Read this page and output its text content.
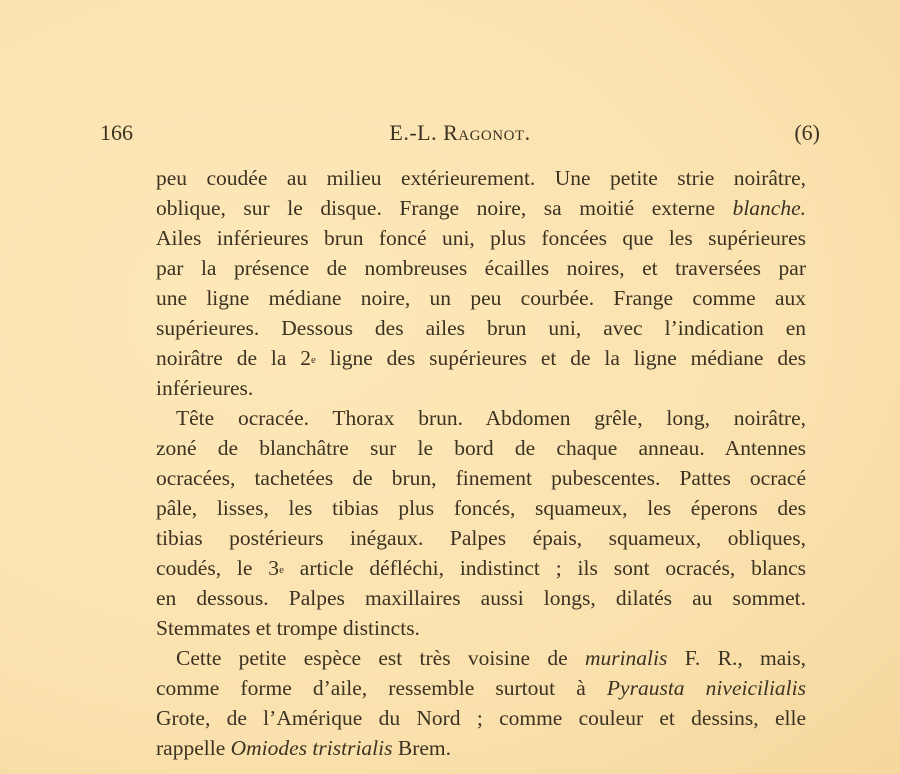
166	E.-L. Ragonot.	(6)

peu coudée au milieu extérieurement. Une petite strie noirâtre,
oblique, sur le disque. Frange noire, sa moitié externe blanche.
Ailes inférieures brun foncé uni, plus foncées que les supérieures
par la présence de nombreuses écailles noires, et traversées par
une ligne médiane noire, un peu courbée. Frange comme aux
supérieures. Dessous des ailes brun uni, avec l’indication en
noirâtre de la 2e ligne des supérieures et de la ligne médiane des
inférieures.

Tête ocracée. Thorax brun. Abdomen grêle, long, noirâtre,
zoné de blanchâtre sur le bord de chaque anneau. Antennes
ocracées, tachetées de brun, finement pubescentes. Pattes ocracé
pâle, lisses, les tibias plus foncés, squameux, les éperons des
tibias postérieurs inégaux. Palpes épais, squameux, obliques,
coudés, le 3e article défléchi, indistinct ; ils sont ocracés, blancs
en dessous. Palpes maxillaires aussi longs, dilatés au sommet.
Stemmates et trompe distincts.

Cette petite espèce est très voisine de murinalis F. R., mais,
comme forme d’aile, ressemble surtout à Pyrausta niveicilialis
Grote, de l’Amérique du Nord ; comme couleur et dessins, elle
rappelle Omiodes tristrialis Brem.
